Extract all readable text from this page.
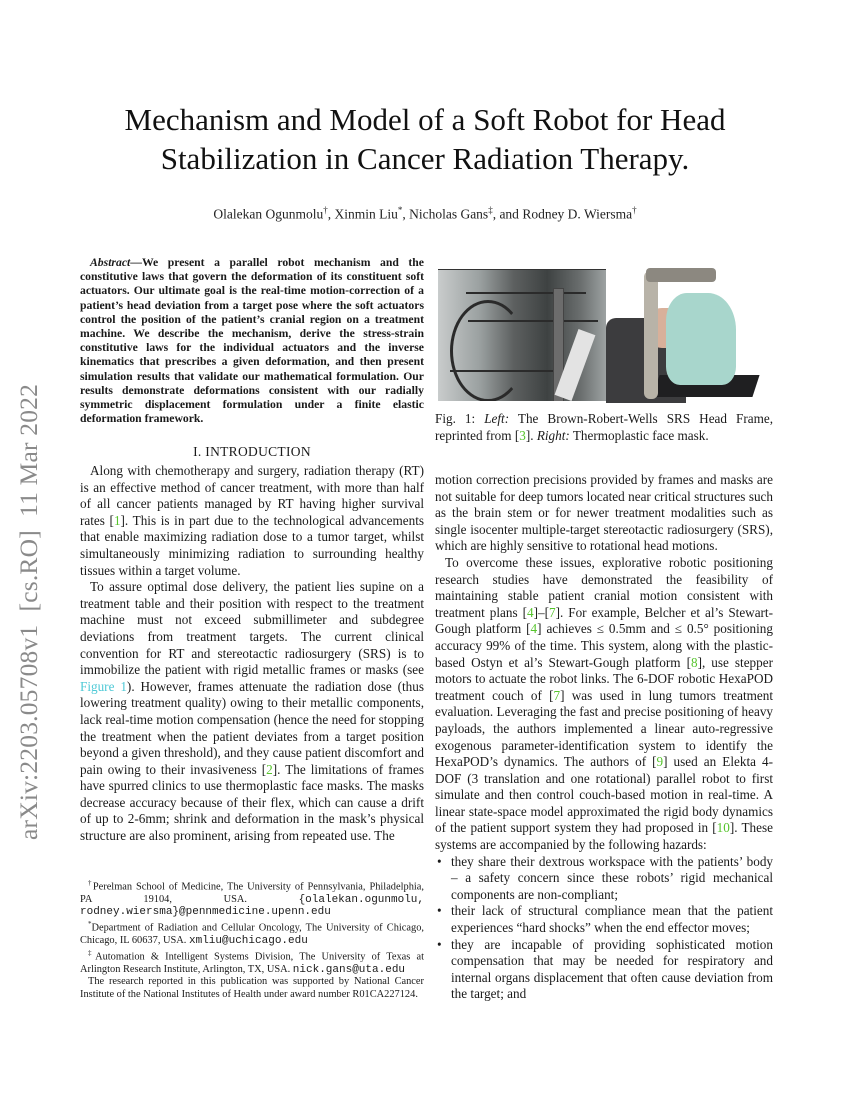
arXiv:2203.05708v1  [cs.RO]  11 Mar 2022
Mechanism and Model of a Soft Robot for Head
Stabilization in Cancer Radiation Therapy.
Olalekan Ogunmolu†, Xinmin Liu*, Nicholas Gans‡, and Rodney D. Wiersma†
Abstract—We present a parallel robot mechanism and the constitutive laws that govern the deformation of its constituent soft actuators. Our ultimate goal is the real-time motion-correction of a patient’s head deviation from a target pose where the soft actuators control the position of the patient’s cranial region on a treatment machine. We describe the mechanism, derive the stress-strain constitutive laws for the individual actuators and the inverse kinematics that prescribes a given deformation, and then present simulation results that validate our mathematical formulation. Our results demonstrate deformations consistent with our radially symmetric displacement formulation under a finite elastic deformation framework.
I. INTRODUCTION

Along with chemotherapy and surgery, radiation therapy (RT) is an effective method of cancer treatment, with more than half of all cancer patients managed by RT having higher survival rates [1]. This is in part due to the technological advancements that enable maximizing radiation dose to a tumor target, whilst simultaneously minimizing radiation to surrounding healthy tissues within a target volume.

To assure optimal dose delivery, the patient lies supine on a treatment table and their position with respect to the treatment machine must not exceed submillimeter and subdegree deviations from treatment targets. The current clinical convention for RT and stereotactic radiosurgery (SRS) is to immobilize the patient with rigid metallic frames or masks (see Figure 1). However, frames attenuate the radiation dose (thus lowering treatment quality) owing to their metallic components, lack real-time motion compensation (hence the need for stopping the treatment when the patient deviates from a target position beyond a given threshold), and they cause patient discomfort and pain owing to their invasiveness [2]. The limitations of frames have spurred clinics to use thermoplastic face masks. The masks decrease accuracy because of their flex, which can cause a drift of up to 2-6mm; shrink and deformation in the mask’s physical structure are also prominent, arising from repeated use. The

Fig. 1: Left: The Brown-Robert-Wells SRS Head Frame, reprinted from [3]. Right: Thermoplastic face mask.

motion correction precisions provided by frames and masks are not suitable for deep tumors located near critical structures such as the brain stem or for newer treatment modalities such as single isocenter multiple-target stereotactic radiosurgery (SRS), which are highly sensitive to rotational head motions.

To overcome these issues, explorative robotic positioning research studies have demonstrated the feasibility of maintaining stable patient cranial motion consistent with treatment plans [4]–[7]. For example, Belcher et al’s Stewart-Gough platform [4] achieves ≤ 0.5mm and ≤ 0.5° positioning accuracy 99% of the time. This system, along with the plastic-based Ostyn et al’s Stewart-Gough platform [8], use stepper motors to actuate the robot links. The 6-DOF robotic HexaPOD treatment couch of [7] was used in lung tumors treatment evaluation. Leveraging the fast and precise positioning of heavy payloads, the authors implemented a linear auto-regressive exogenous parameter-identification system to identify the HexaPOD’s dynamics. The authors of [9] used an Elekta 4-DOF (3 translation and one rotational) parallel robot to first simulate and then control couch-based motion in real-time. A linear state-space model approximated the rigid body dynamics of the patient support system they had proposed in [10]. These systems are accompanied by the following hazards:

• they share their dextrous workspace with the patients’ body – a safety concern since these robots’ rigid mechanical components are non-compliant;
• their lack of structural compliance mean that the patient experiences “hard shocks” when the end effector moves;
• they are incapable of providing sophisticated motion compensation that may be needed for respiratory and internal organs displacement that often cause deviation from the target; and

†Perelman School of Medicine, The University of Pennsylvania, Philadelphia, PA 19104, USA. {olalekan.ogunmolu, rodney.wiersma}@pennmedicine.upenn.edu

*Department of Radiation and Cellular Oncology, The University of Chicago, Chicago, IL 60637, USA. xmliu@uchicago.edu

‡Automation & Intelligent Systems Division, The University of Texas at Arlington Research Institute, Arlington, TX, USA. nick.gans@uta.edu

The research reported in this publication was supported by National Cancer Institute of the National Institutes of Health under award number R01CA227124.
